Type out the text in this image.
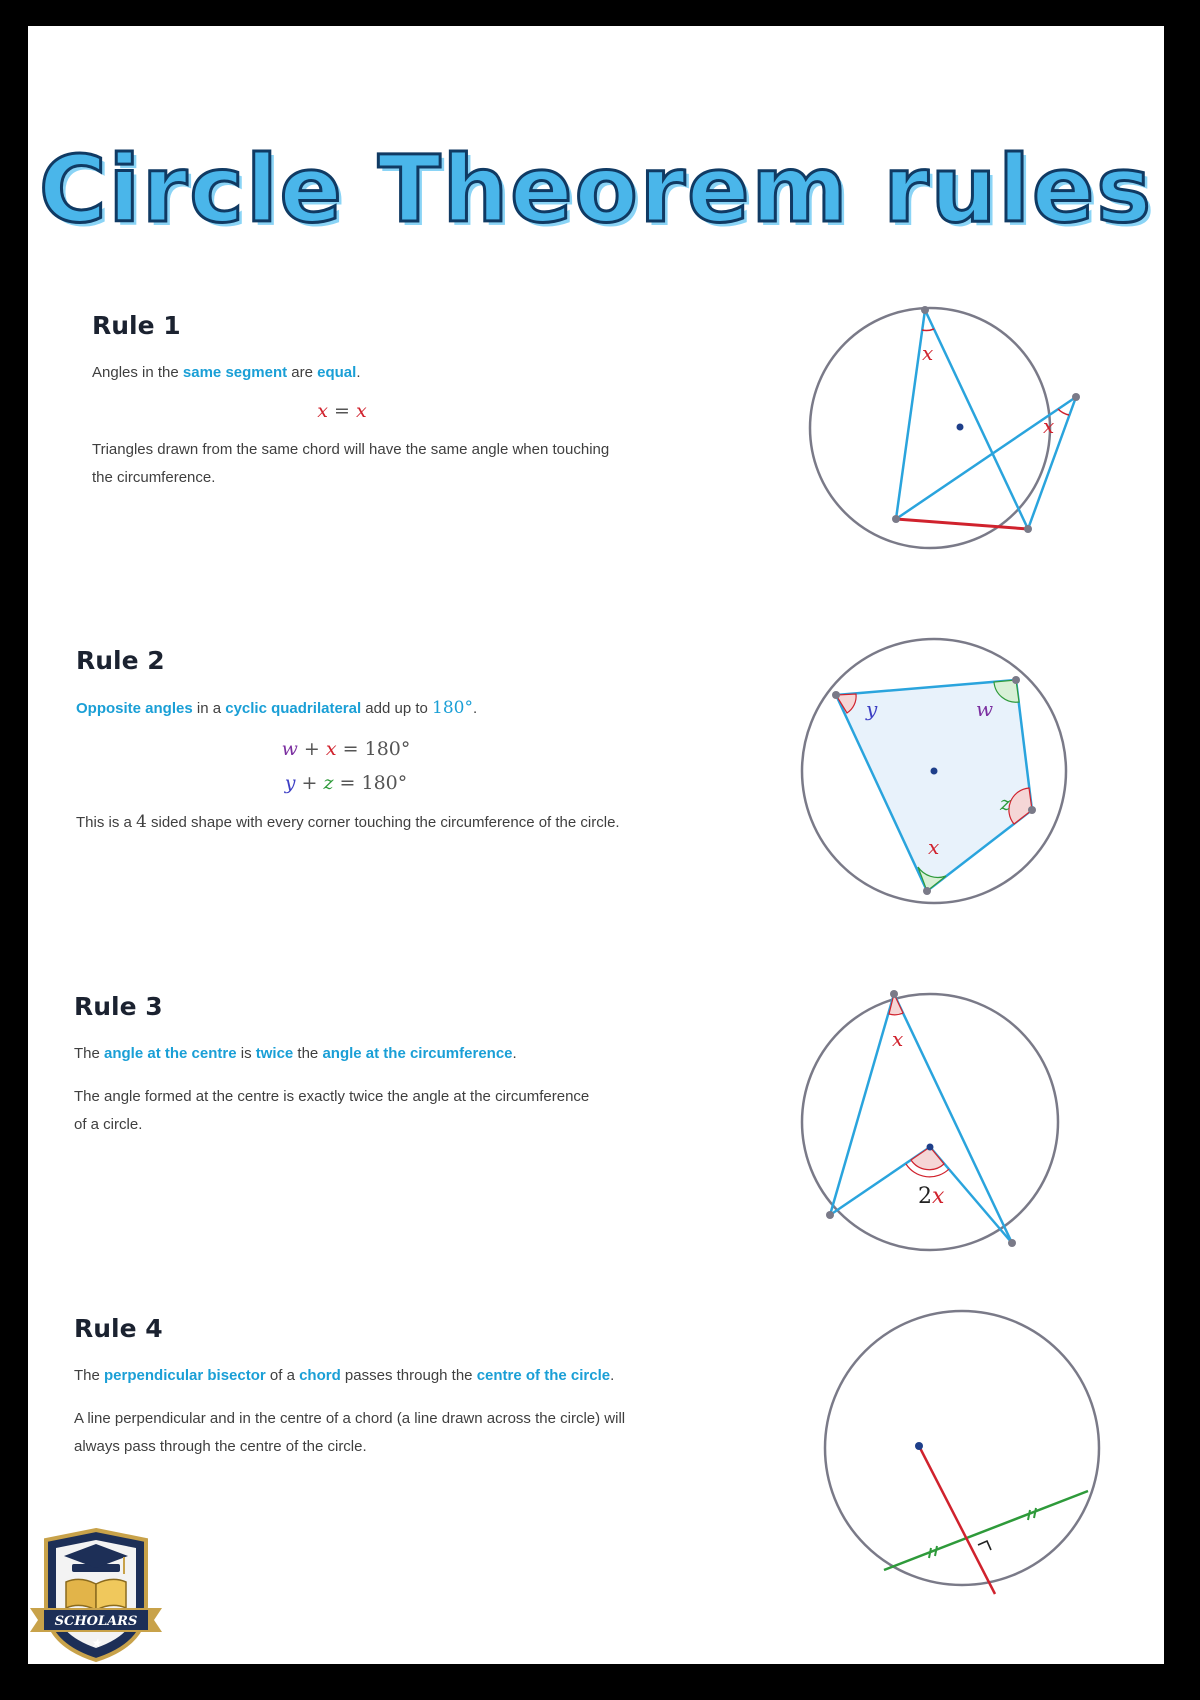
Circle Theorem rules
Rule 1

Angles in the same segment are equal.

x = x

Triangles drawn from the same chord will have the same angle when touching the circumference.

x
x
Rule 2

Opposite angles in a cyclic quadrilateral add up to 180°.

w + x = 180°
y + z = 180°

This is a 4 sided shape with every corner touching the circumference of the circle.

y	w
z
x
Rule 3

The angle at the centre is twice the angle at the circumference.

The angle formed at the centre is exactly twice the angle at the circumference of a circle.

x
2x
Rule 4

The perpendicular bisector of a chord passes through the centre of the circle.

A line perpendicular and in the centre of a chord (a line drawn across the circle) will always pass through the centre of the circle.

SCHOLARS
★
